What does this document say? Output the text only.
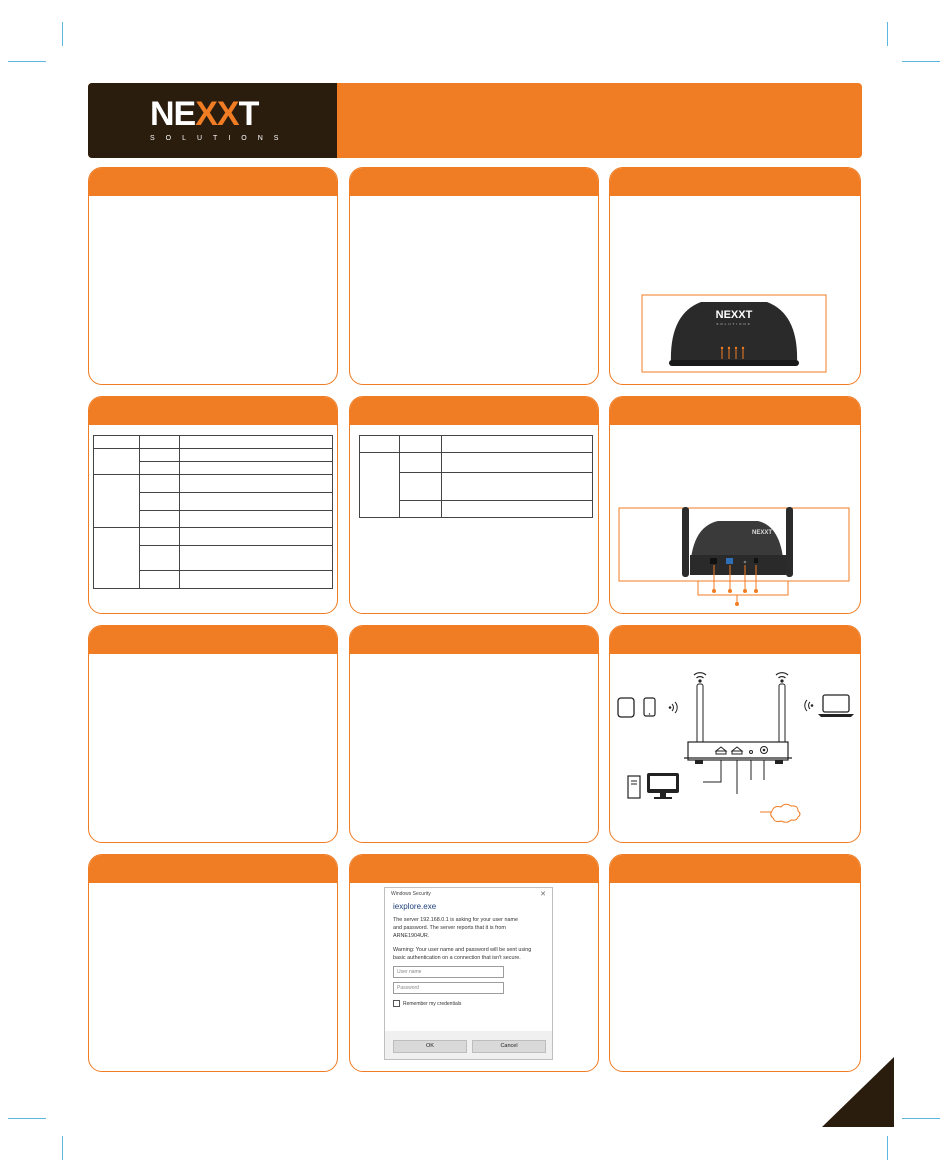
NEXXT
SOLUTIONS
NEXXT
SOLUTIONS

NEXXT
Windows Security	✕
iexplore.exe
The server 192.168.0.1 is asking for your user name and password. The server reports that it is from ARNE1904UR.
Warning: Your user name and password will be sent using basic authentication on a connection that isn't secure.
User name
Password
Remember my credentials
OK	Cancel
